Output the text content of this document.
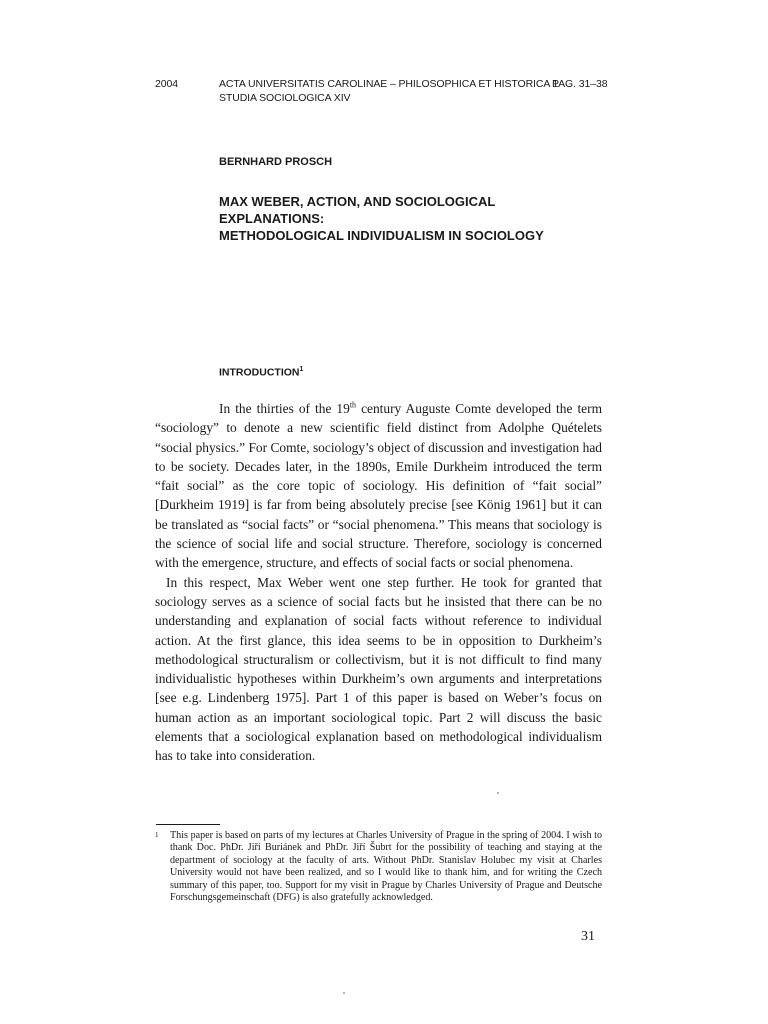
2004	ACTA UNIVERSITATIS CAROLINAE – PHILOSOPHICA ET HISTORICA 1
STUDIA SOCIOLOGICA XIV
PAG. 31–38
BERNHARD PROSCH
MAX WEBER, ACTION, AND SOCIOLOGICAL
EXPLANATIONS:
METHODOLOGICAL INDIVIDUALISM IN SOCIOLOGY
INTRODUCTION$^1$

In the thirties of the 19th century Auguste Comte developed the term “sociology” to denote a new scientific field distinct from Adolphe Quételets “social physics.” For Comte, sociology’s object of discussion and investigation had to be society. Decades later, in the 1890s, Emile Durkheim introduced the term “fait social” as the core topic of sociology. His definition of “fait social” [Durkheim 1919] is far from being absolutely precise [see König 1961] but it can be translated as “social facts” or “social phenomena.” This means that sociology is the science of social life and social structure. Therefore, sociology is concerned with the emergence, structure, and effects of social facts or social phenomena.

In this respect, Max Weber went one step further. He took for granted that sociology serves as a science of social facts but he insisted that there can be no understanding and explanation of social facts without reference to individual action. At the first glance, this idea seems to be in opposition to Durkheim’s methodological structuralism or collectivism, but it is not difficult to find many individualistic hypotheses within Durkheim’s own arguments and interpretations [see e.g. Lindenberg 1975]. Part 1 of this paper is based on Weber’s focus on human action as an important sociological topic. Part 2 will discuss the basic elements that a sociological explanation based on methodological individualism has to take into consideration.

1 This paper is based on parts of my lectures at Charles University of Prague in the spring of 2004. I wish to thank Doc. PhDr. Jiří Buriánek and PhDr. Jiří Šubrt for the possibility of teaching and staying at the department of sociology at the faculty of arts. Without PhDr. Stanislav Holubec my visit at Charles University would not have been realized, and so I would like to thank him, and for writing the Czech summary of this paper, too. Support for my visit in Prague by Charles University of Prague and Deutsche Forschungsgemeinschaft (DFG) is also gratefully acknowledged.
31
